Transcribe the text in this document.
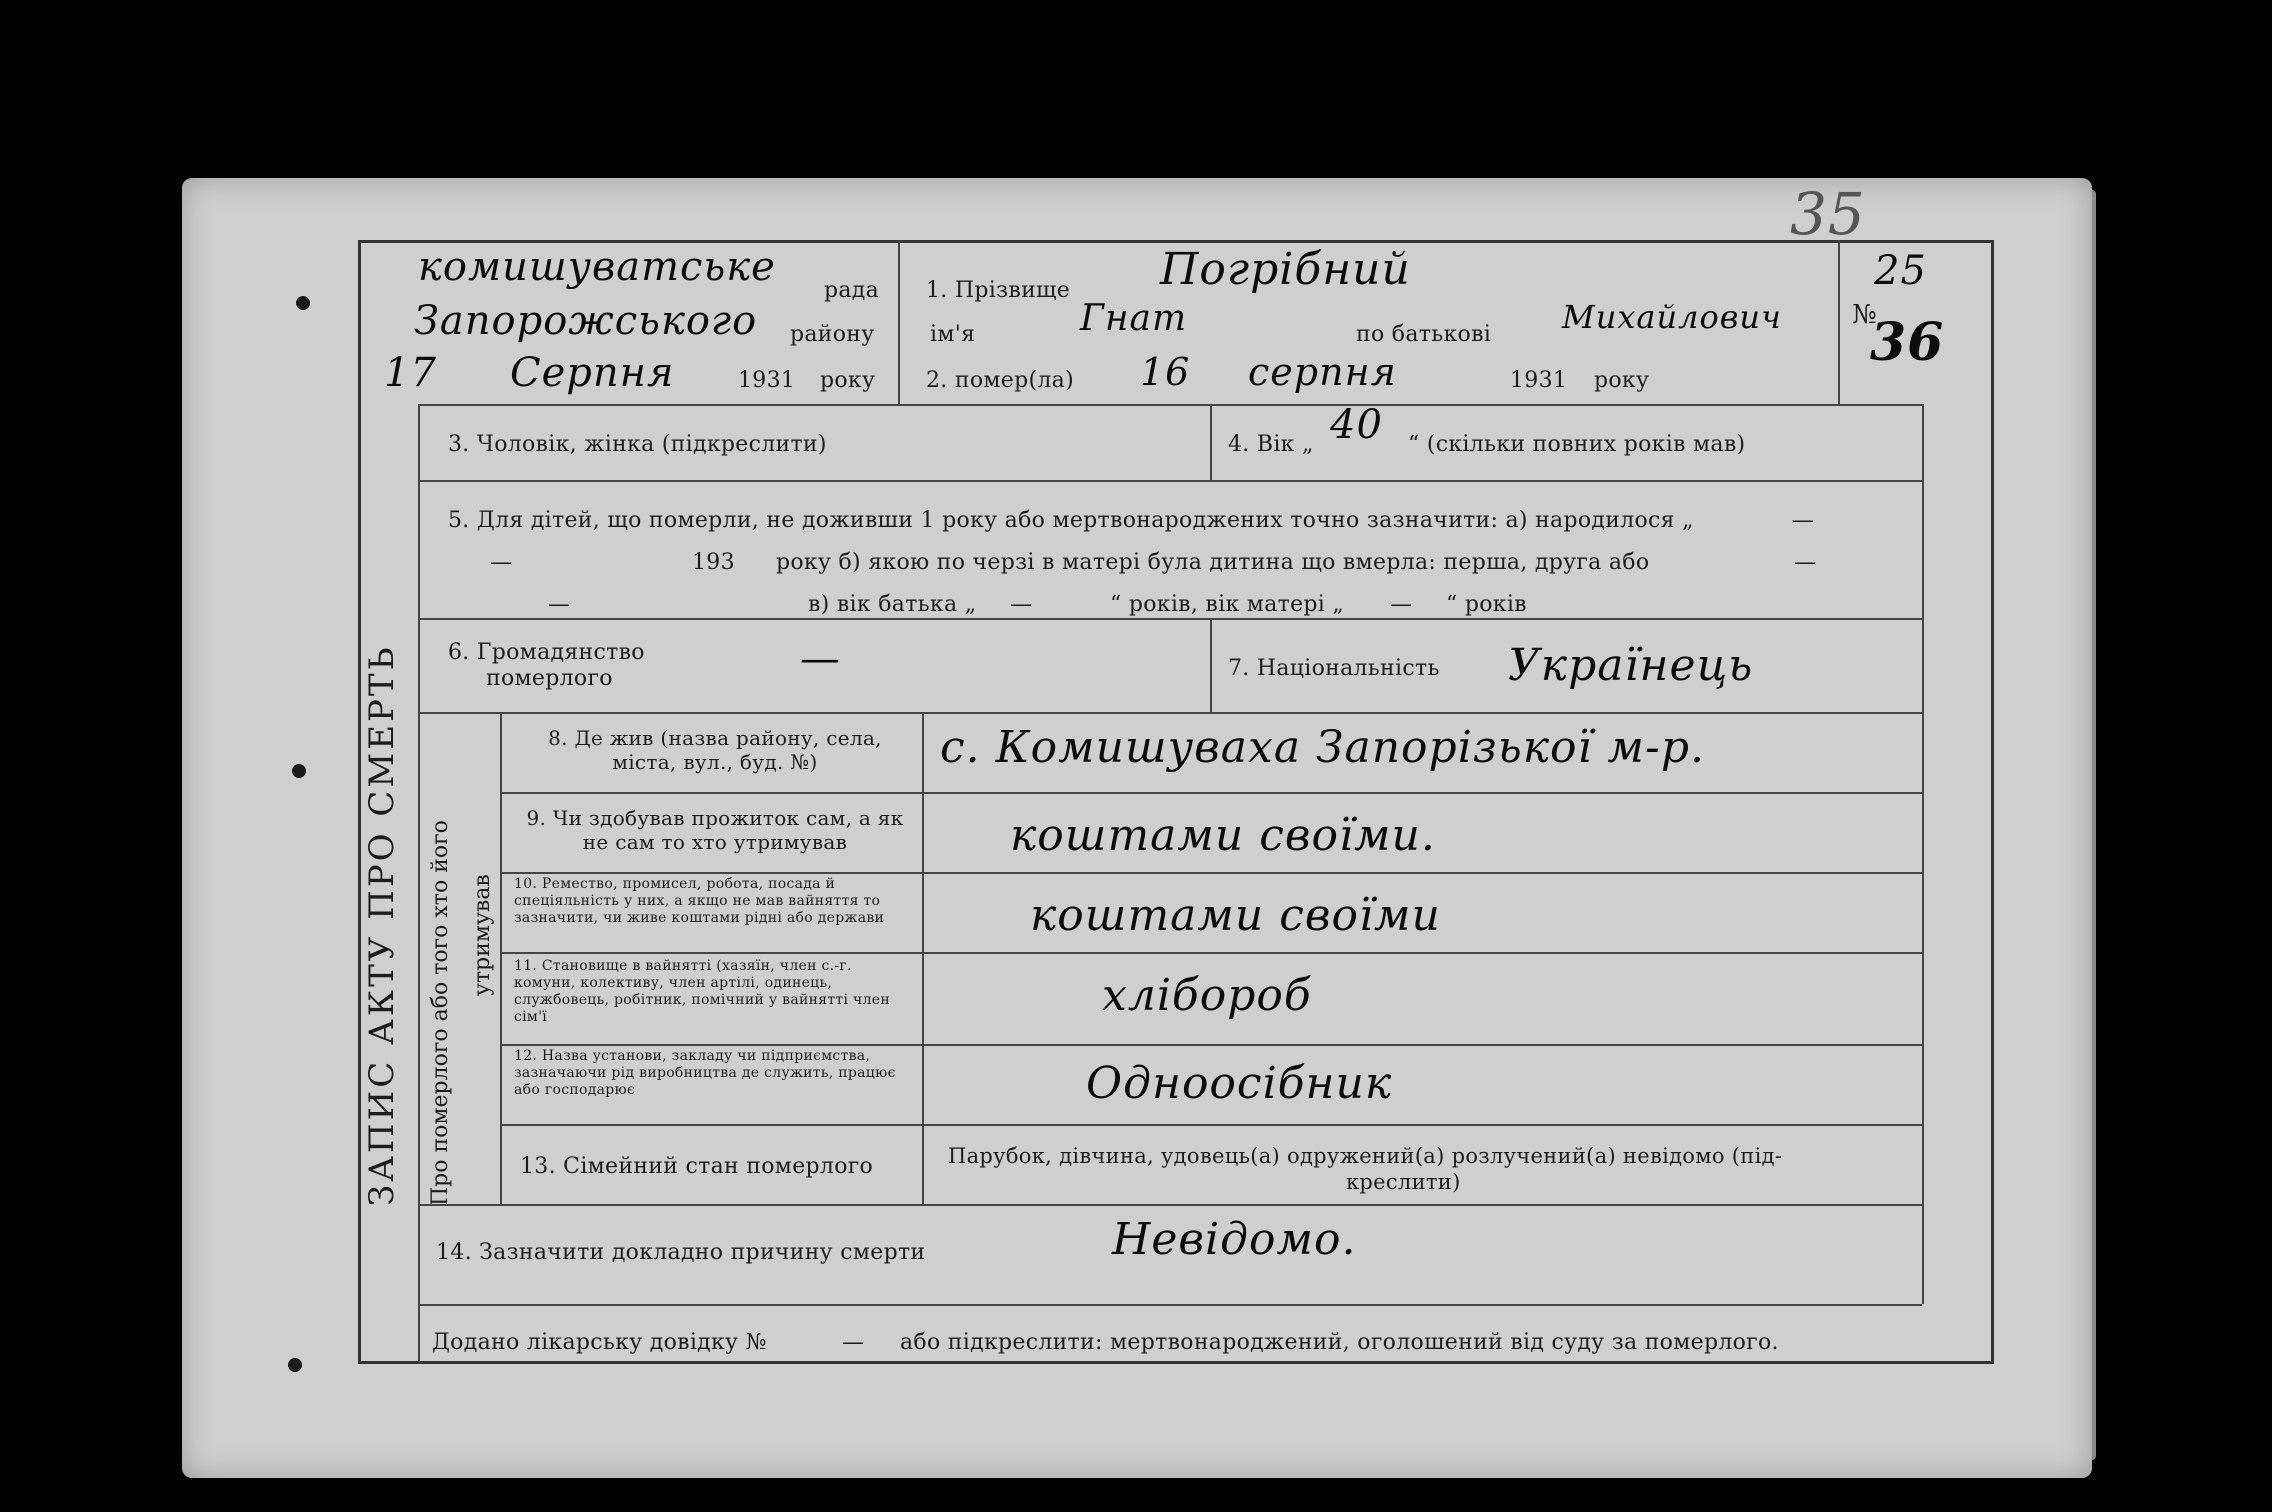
комишуватське
рада
Запорожського району
17 Серпня	1931 року
1. Прізвище Погрібний
ім'я	Гнат	по батькові Михайлович
2. помер(ла) 16 серпня	1931 року
№
25
36
35
ЗАПИС АКТУ ПРО СМЕРТЬ Про померлого або того хто його утримував
3. Чоловік, жінка (підкреслити)	4. Вік „ 40 “ (скільки повних років мав)
5. Для дітей, що померли, не доживши 1 року або мертвонароджених точно зазначити: а) народилося „	—
—	193 року б) якою по черзі в матері була дитина що вмерла: перша, друга або	—
—	в) вік батька „ —	“ років, вік матері „ — “ років
6. Громадянство
померлого	—	7. Національність Українець
8. Де жив (назва району, села, міста, вул., буд. №)	с. Комишуваха Запорізької м-р.
9. Чи здобував прожиток сам, а як не сам то хто утримував	коштами своїми.
10. Ремество, промисел, робота, посада й спеціяльність у них, а якщо не мав вайняття то зазначити, чи живе коштами рідні або держави	коштами своїми
11. Становище в вайнятті (хазяїн, член с.-г. комуни, колективу, член артілі, одинець, службовець, робітник, помічний у вайнятті член сім'ї	хлібороб
12. Назва установи, закладу чи підприємства, зазначаючи рід виробництва де служить, працює або господарює	Одноосібник
13. Сімейний стан померлого	Парубок, дівчина, удовець(а) одружений(а) розлучений(а) невідомо (під-
креслити)
14. Зазначити докладно причину смерти	Невідомо.
Додано лікарську довідку №	— або підкреслити: мертвонароджений, оголошений від суду за померлого.
